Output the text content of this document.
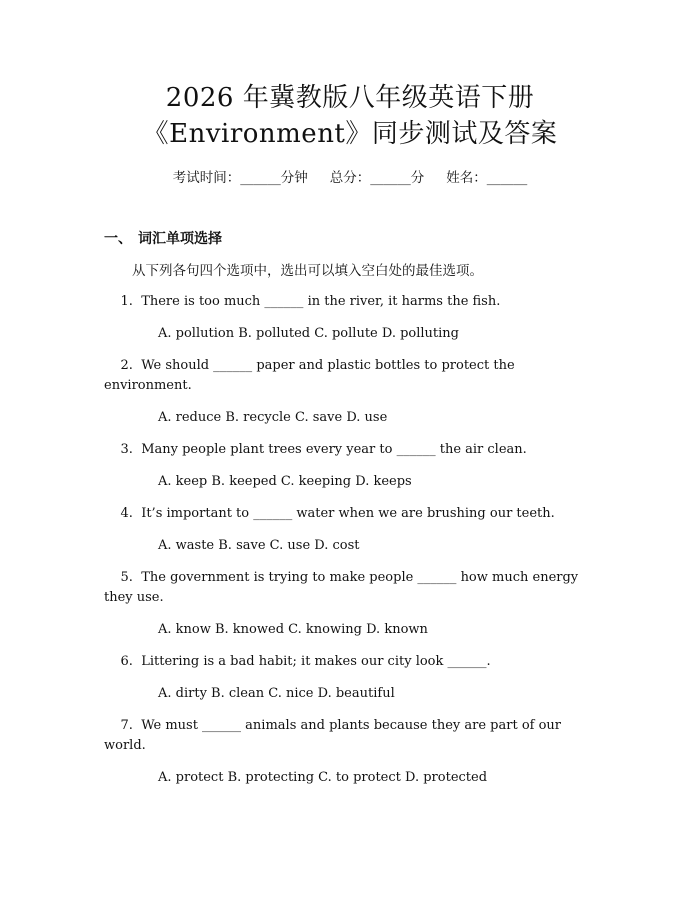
2026 年冀教版八年级英语下册
《Environment》同步测试及答案
考试时间：______分钟 总分：______分 姓名：______
一、 词汇单项选择
从下列各句四个选项中，选出可以填入空白处的最佳选项。
1.  There is too much ______ in the river, it harms the fish.
A. pollution B. polluted C. pollute D. polluting
2.  We should ______ paper and plastic bottles to protect the environment.
A. reduce B. recycle C. save D. use
3.  Many people plant trees every year to ______ the air clean.
A. keep B. keeped C. keeping D. keeps
4.  It’s important to ______ water when we are brushing our teeth.
A. waste B. save C. use D. cost
5.  The government is trying to make people ______ how much energy they use.
A. know B. knowed C. knowing D. known
6.  Littering is a bad habit; it makes our city look ______.
A. dirty B. clean C. nice D. beautiful
7.  We must ______ animals and plants because they are part of our world.
A. protect B. protecting C. to protect D. protected
